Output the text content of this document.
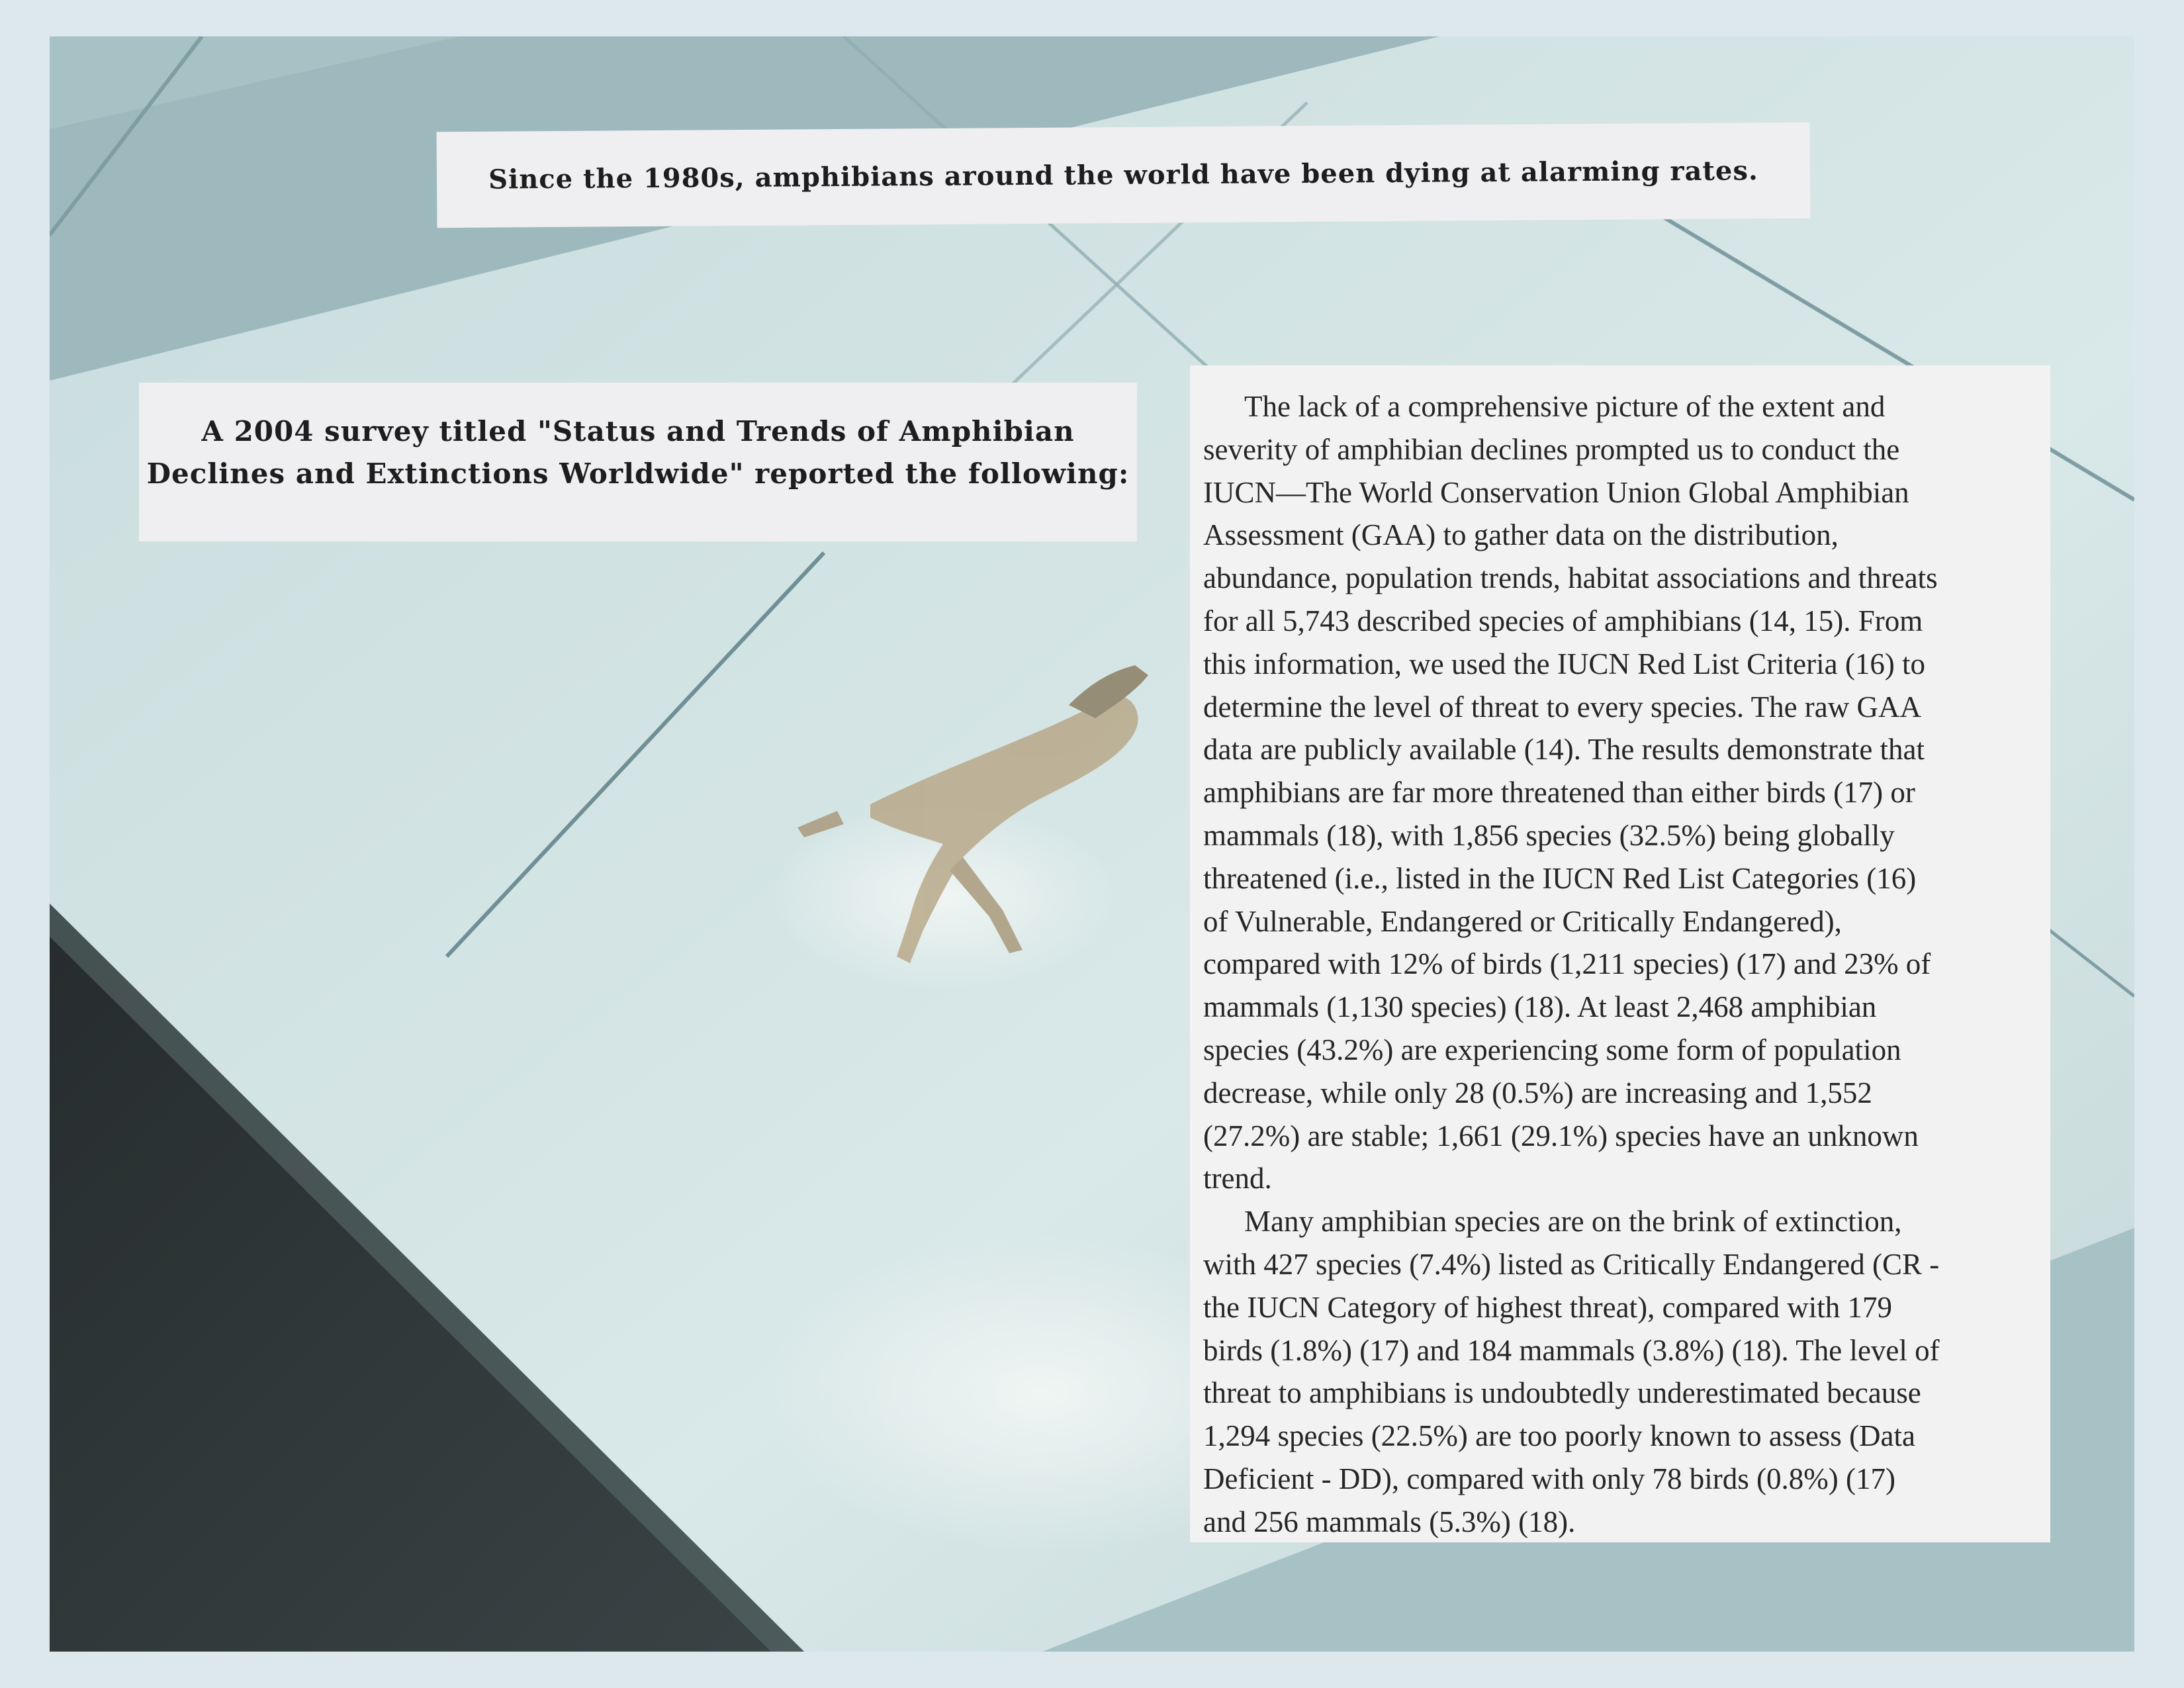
Since the 1980s, amphibians around the world have been dying at alarming rates.
A 2004 survey titled "Status and Trends of Amphibian
Declines and Extinctions Worldwide" reported the following:
The lack of a comprehensive picture of the extent and
severity of amphibian declines prompted us to conduct the
IUCN—The World Conservation Union Global Amphibian
Assessment (GAA) to gather data on the distribution,
abundance, population trends, habitat associations and threats
for all 5,743 described species of amphibians (14, 15). From
this information, we used the IUCN Red List Criteria (16) to
determine the level of threat to every species. The raw GAA
data are publicly available (14). The results demonstrate that
amphibians are far more threatened than either birds (17) or
mammals (18), with 1,856 species (32.5%) being globally
threatened (i.e., listed in the IUCN Red List Categories (16)
of Vulnerable, Endangered or Critically Endangered),
compared with 12% of birds (1,211 species) (17) and 23% of
mammals (1,130 species) (18). At least 2,468 amphibian
species (43.2%) are experiencing some form of population
decrease, while only 28 (0.5%) are increasing and 1,552
(27.2%) are stable; 1,661 (29.1%) species have an unknown
trend.
Many amphibian species are on the brink of extinction,
with 427 species (7.4%) listed as Critically Endangered (CR -
the IUCN Category of highest threat), compared with 179
birds (1.8%) (17) and 184 mammals (3.8%) (18). The level of
threat to amphibians is undoubtedly underestimated because
1,294 species (22.5%) are too poorly known to assess (Data
Deficient - DD), compared with only 78 birds (0.8%) (17)
and 256 mammals (5.3%) (18).
